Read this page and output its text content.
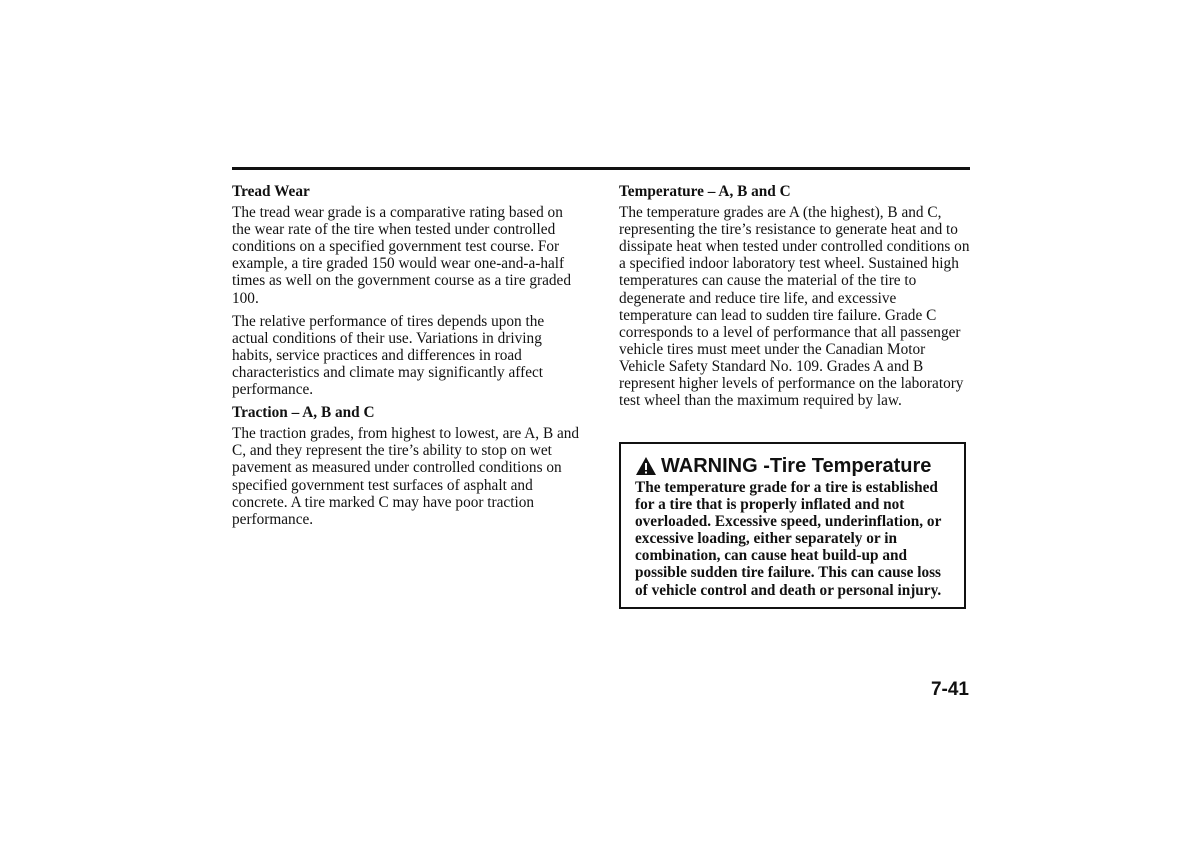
Tread Wear

The tread wear grade is a comparative rating based on the wear rate of the tire when tested under controlled conditions on a specified government test course. For example, a tire graded 150 would wear one-and-a-half times as well on the government course as a tire graded 100.

The relative performance of tires depends upon the actual conditions of their use. Variations in driving habits, service practices and differences in road characteristics and climate may significantly affect performance.

Traction – A, B and C

The traction grades, from highest to lowest, are A, B and C, and they represent the tire’s ability to stop on wet pavement as measured under controlled conditions on specified government test surfaces of asphalt and concrete. A tire marked C may have poor traction performance.

Temperature – A, B and C

The temperature grades are A (the highest), B and C, representing the tire’s resistance to generate heat and to dissipate heat when tested under controlled conditions on a specified indoor laboratory test wheel. Sustained high temperatures can cause the material of the tire to degenerate and reduce tire life, and excessive temperature can lead to sudden tire failure. Grade C corresponds to a level of performance that all passenger vehicle tires must meet under the Canadian Motor Vehicle Safety Standard No. 109. Grades A and B represent higher levels of performance on the laboratory test wheel than the maximum required by law.

WARNING -Tire Temperature
The temperature grade for a tire is established for a tire that is properly inflated and not overloaded. Excessive speed, underinflation, or excessive loading, either separately or in combination, can cause heat build-up and possible sudden tire failure. This can cause loss of vehicle control and death or personal injury.
7-41
